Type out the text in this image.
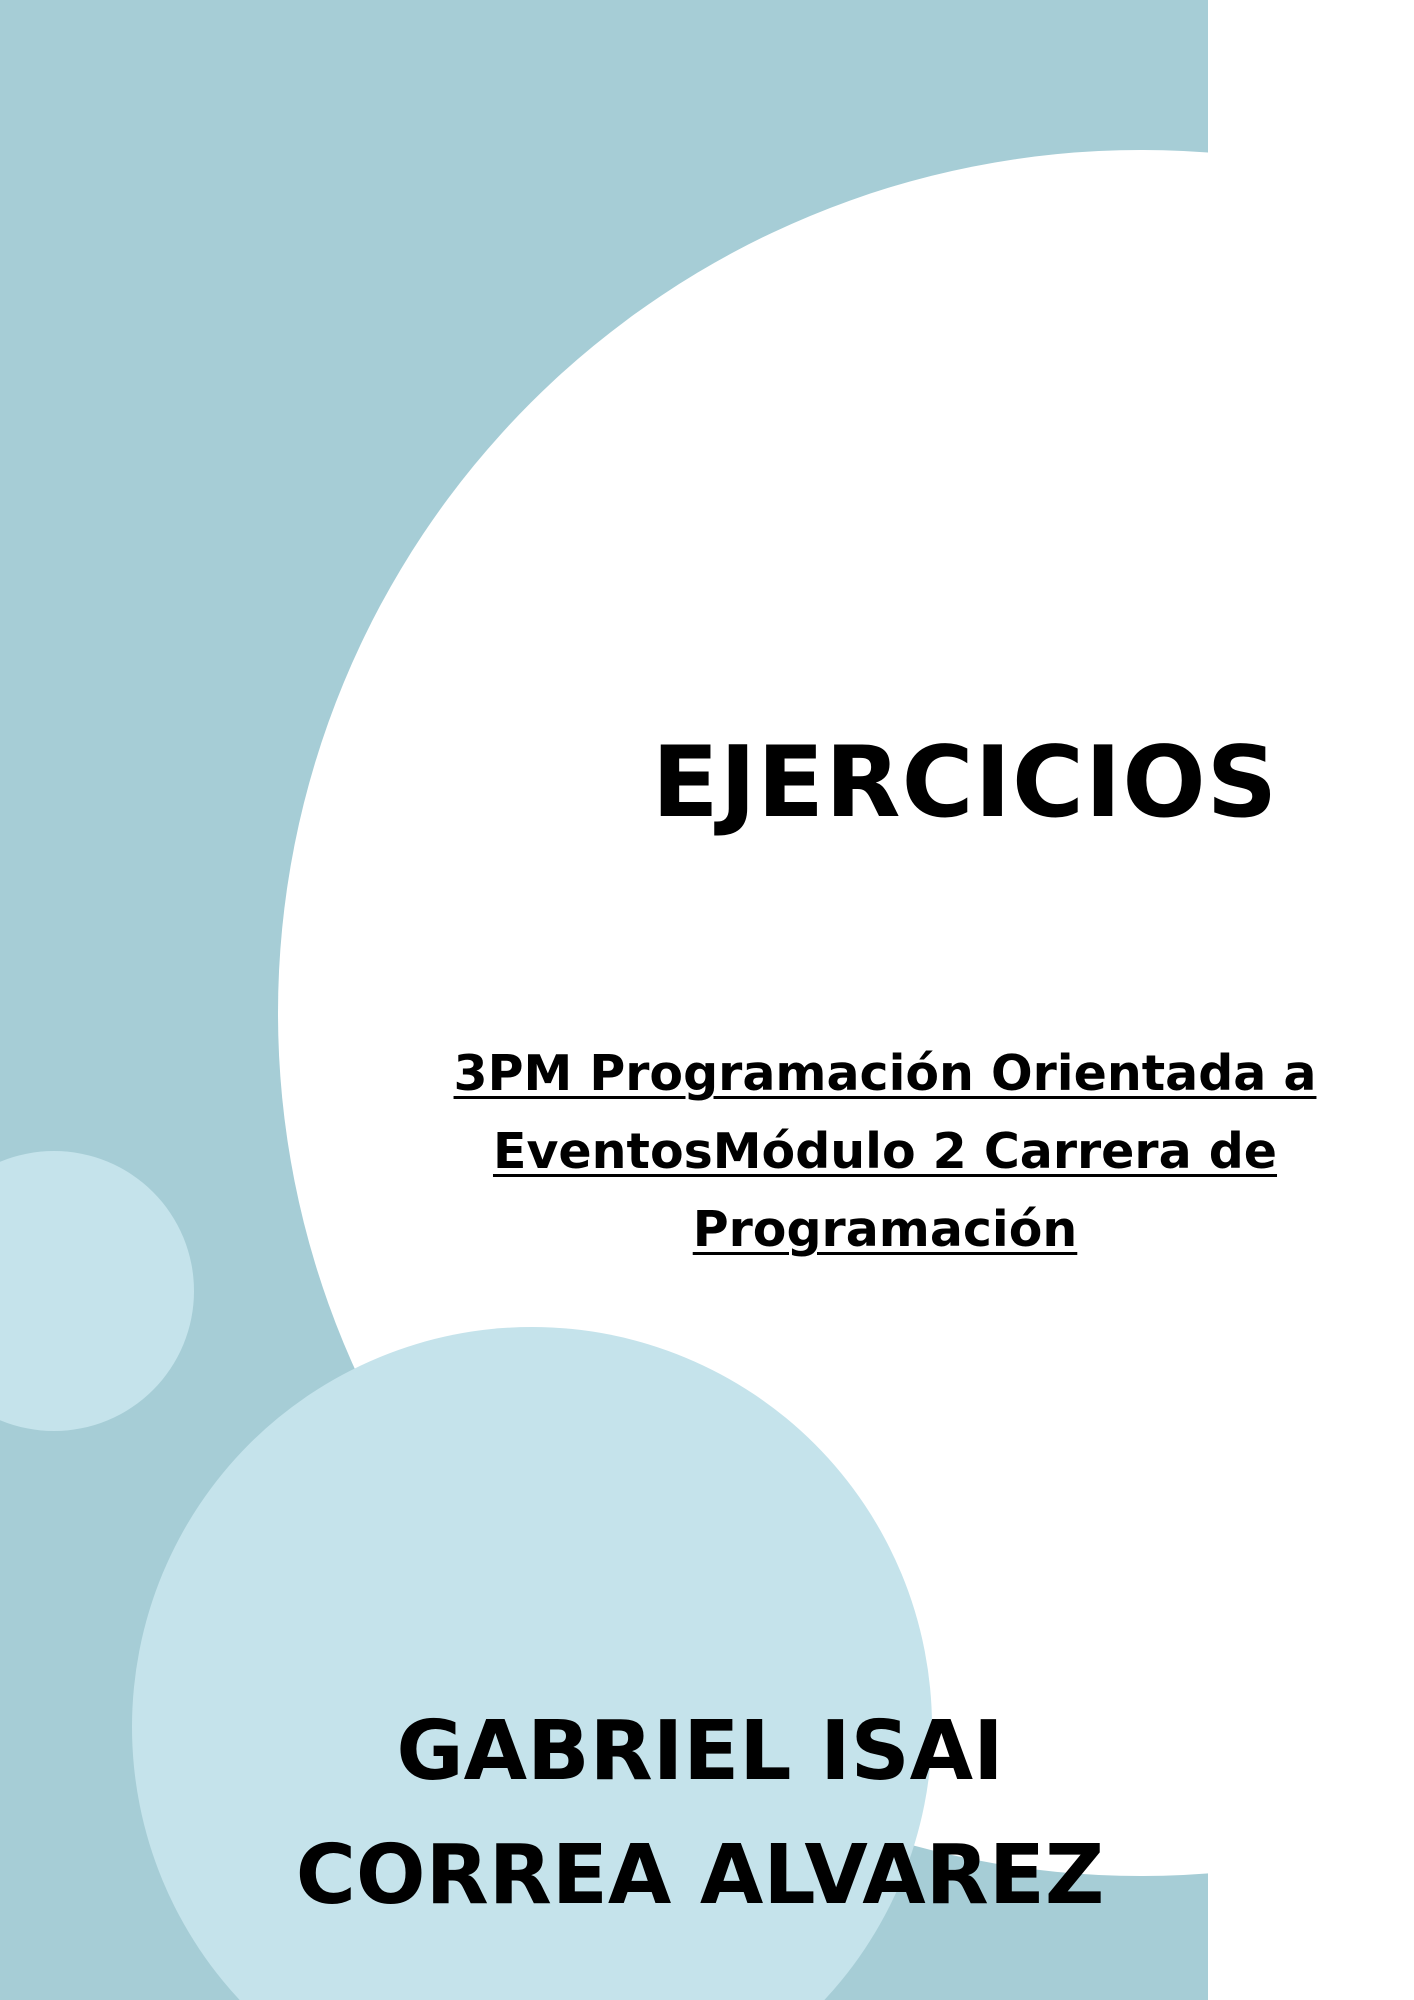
EJERCICIOS

3PM Programación Orientada a EventosMódulo 2 Carrera de Programación

GABRIEL ISAI
CORREA ALVAREZ
